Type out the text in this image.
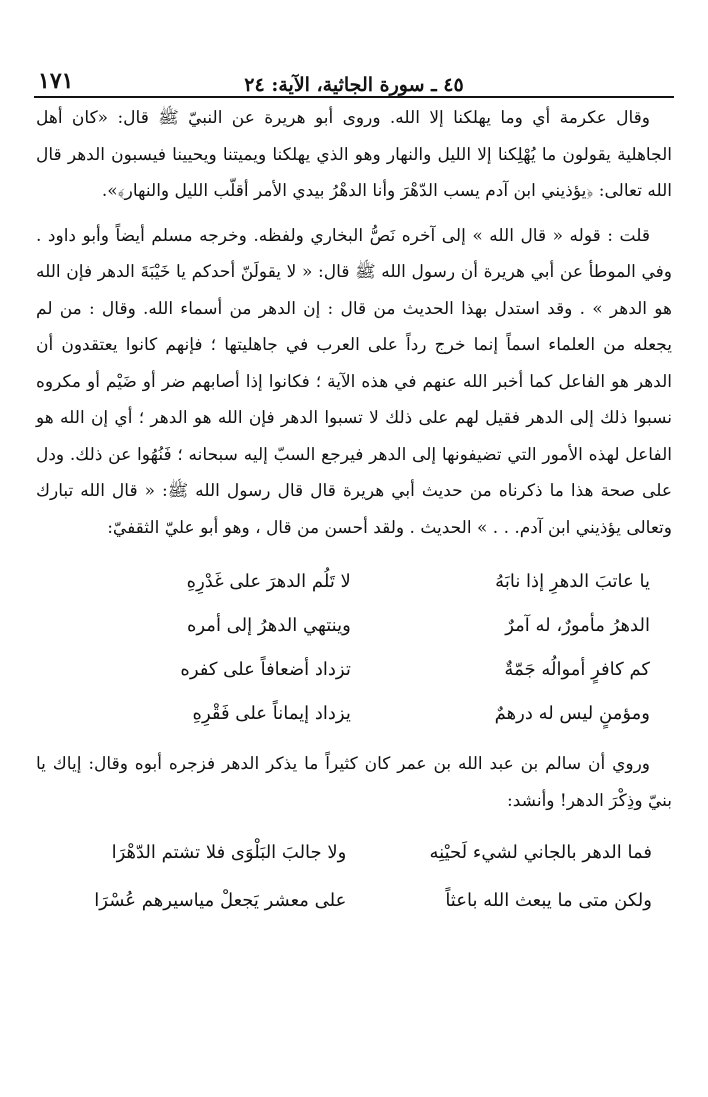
٤٥ ـ سورة الجاثية، الآية: ٢٤
١٧١

وقال عكرمة أي وما يهلكنا إلا الله. وروى أبو هريرة عن النبيّ ﷺ قال: «كان أهل الجاهلية يقولون ما يُهْلِكنا إلا الليل والنهار وهو الذي يهلكنا ويميتنا ويحيينا فيسبون الدهر قال الله تعالى: ﴿يؤذيني ابن آدم يسب الدّهْرَ وأنا الدهْرُ بيدي الأمر أقلّب الليل والنهار﴾».

قلت : قوله « قال الله » إلى آخره نَصُّ البخاري ولفظه. وخرجه مسلم أيضاً وأبو داود . وفي الموطأ عن أبي هريرة أن رسول الله ﷺ قال: « لا يقولَنّ أحدكم يا خَيْبَةَ الدهر فإن الله هو الدهر » . وقد استدل بهذا الحديث من قال : إن الدهر من أسماء الله. وقال : من لم يجعله من العلماء اسماً إنما خرج رداً على العرب في جاهليتها ؛ فإنهم كانوا يعتقدون أن الدهر هو الفاعل كما أخبر الله عنهم في هذه الآية ؛ فكانوا إذا أصابهم ضر أو ضَيْم أو مكروه نسبوا ذلك إلى الدهر فقيل لهم على ذلك لا تسبوا الدهر فإن الله هو الدهر ؛ أي إن الله هو الفاعل لهذه الأمور التي تضيفونها إلى الدهر فيرجع السبّ إليه سبحانه ؛ فَنُهُوا عن ذلك. ودل على صحة هذا ما ذكرناه من حديث أبي هريرة قال قال رسول الله ﷺ: « قال الله تبارك وتعالى يؤذيني ابن آدم. . . » الحديث . ولقد أحسن من قال ، وهو أبو عليّ الثقفيّ:

يا عاتبَ الدهرِ إذا نابَهُ
لا تَلُم الدهرَ على غَدْرِهِ
الدهرُ مأمورٌ، له آمرٌ
وينتهي الدهرُ إلى أمره
كم كافرٍ أموالُه جَمّةٌ
تزداد أضعافاً على كفره
ومؤمنٍ ليس له درهمٌ
يزداد إيماناً على فَقْرِهِ

وروي أن سالم بن عبد الله بن عمر كان كثيراً ما يذكر الدهر فزجره أبوه وقال: إياك يا بنيّ وذِكْرَ الدهر! وأنشد:

فما الدهر بالجاني لشيء لَحيْنِه
ولا جالبَ البَلْوَى فلا تشتم الدّهْرَا
ولكن متى ما يبعث الله باعثاً
على معشر يَجعلْ مياسيرهم عُسْرَا
